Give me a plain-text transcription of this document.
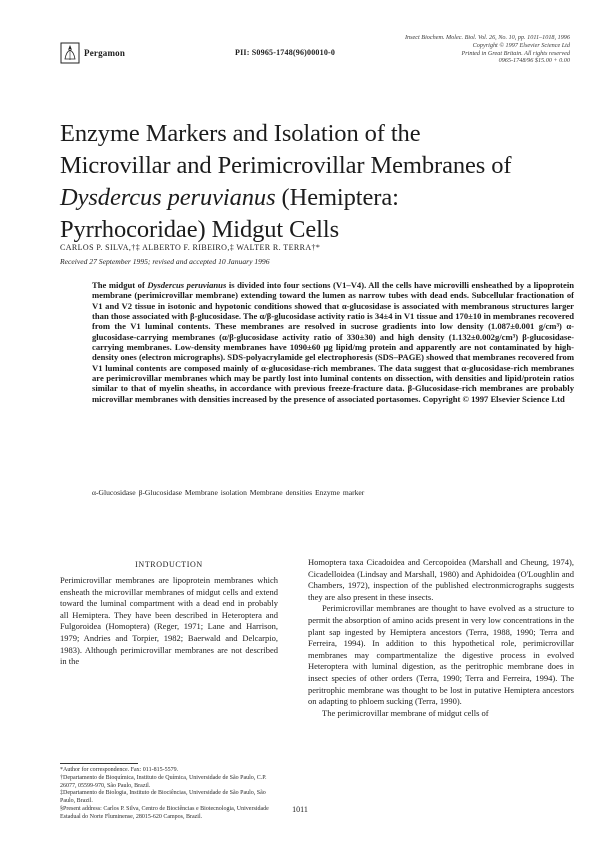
Pergamon	PII: S0965-1748(96)00010-0
Insect Biochem. Molec. Biol. Vol. 26, No. 10, pp. 1011–1018, 1996
Copyright © 1997 Elsevier Science Ltd
Printed in Great Britain. All rights reserved
0965-1748/96 $15.00 + 0.00
Enzyme Markers and Isolation of the
Microvillar and Perimicrovillar Membranes of
Dysdercus peruvianus (Hemiptera:
Pyrrhocoridae) Midgut Cells
CARLOS P. SILVA,†‡ ALBERTO F. RIBEIRO,‡ WALTER R. TERRA†*
Received 27 September 1995; revised and accepted 10 January 1996

The midgut of Dysdercus peruvianus is divided into four sections (V1–V4). All the cells have microvilli ensheathed by a lipoprotein membrane (perimicrovillar membrane) extending toward the lumen as narrow tubes with dead ends. Subcellular fractionation of V1 and V2 tissue in isotonic and hypotonic conditions showed that α-glucosidase is associated with membranous structures larger than those associated with β-glucosidase. The α/β-glucosidase activity ratio is 34±4 in V1 tissue and 170±10 in membranes recovered from the V1 luminal contents. These membranes are resolved in sucrose gradients into low density (1.087±0.001 g/cm³) α-glucosidase-carrying membranes (α/β-glucosidase activity ratio of 330±30) and high density (1.132±0.002g/cm³) β-glucosidase-carrying membranes. Low-density membranes have 1090±60 μg lipid/mg protein and apparently are not contaminated by high-density ones (electron micrographs). SDS-polyacrylamide gel electrophoresis (SDS–PAGE) showed that membranes recovered from V1 luminal contents are composed mainly of α-glucosidase-rich membranes. The data suggest that α-glucosidase-rich membranes are perimicrovillar membranes which may be partly lost into luminal contents on dissection, with densities and lipid/protein ratios similar to that of myelin sheaths, in accordance with previous freeze-fracture data. β-Glucosidase-rich membranes are probably microvillar membranes with densities increased by the presence of associated portasomes. Copyright © 1997 Elsevier Science Ltd

α-Glucosidase β-Glucosidase Membrane isolation Membrane densities Enzyme marker
INTRODUCTION

Perimicrovillar membranes are lipoprotein membranes which ensheath the microvillar membranes of midgut cells and extend toward the luminal compartment with a dead end in probably all Hemiptera. They have been described in Heteroptera and Fulgoroidea (Homoptera) (Reger, 1971; Lane and Harrison, 1979; Andries and Torpier, 1982; Baerwald and Delcarpio, 1983). Although perimicrovillar membranes are not described in the

*Author for correspondence. Fax: 011-815-5579.

†Departamento de Bioquímica, Instituto de Química, Universidade de São Paulo, C.P. 26077, 05599-970, São Paulo, Brazil.

‡Departamento de Biologia, Instituto de Biociências, Universidade de São Paulo, São Paulo, Brazil.

§Present address: Carlos P. Silva, Centro de Biociências e Biotecnologia, Universidade Estadual do Norte Fluminense, 28015-620 Campos, Brazil.

Homoptera taxa Cicadoidea and Cercopoidea (Marshall and Cheung, 1974), Cicadelloidea (Lindsay and Marshall, 1980) and Aphidoidea (O'Loughlin and Chambers, 1972), inspection of the published electronmicrographs suggests they are also present in these insects.

Perimicrovillar membranes are thought to have evolved as a structure to permit the absorption of amino acids present in very low concentrations in the plant sap ingested by Hemiptera ancestors (Terra, 1988, 1990; Terra and Ferreira, 1994). In addition to this hypothetical role, perimicrovillar membranes may compartmentalize the digestive process in evolved Heteroptera with luminal digestion, as the peritrophic membrane does in insect species of other orders (Terra, 1990; Terra and Ferreira, 1994). The peritrophic membrane was thought to be lost in putative Hemiptera ancestors on adapting to phloem sucking (Terra, 1990).

The perimicrovillar membrane of midgut cells of

1011
